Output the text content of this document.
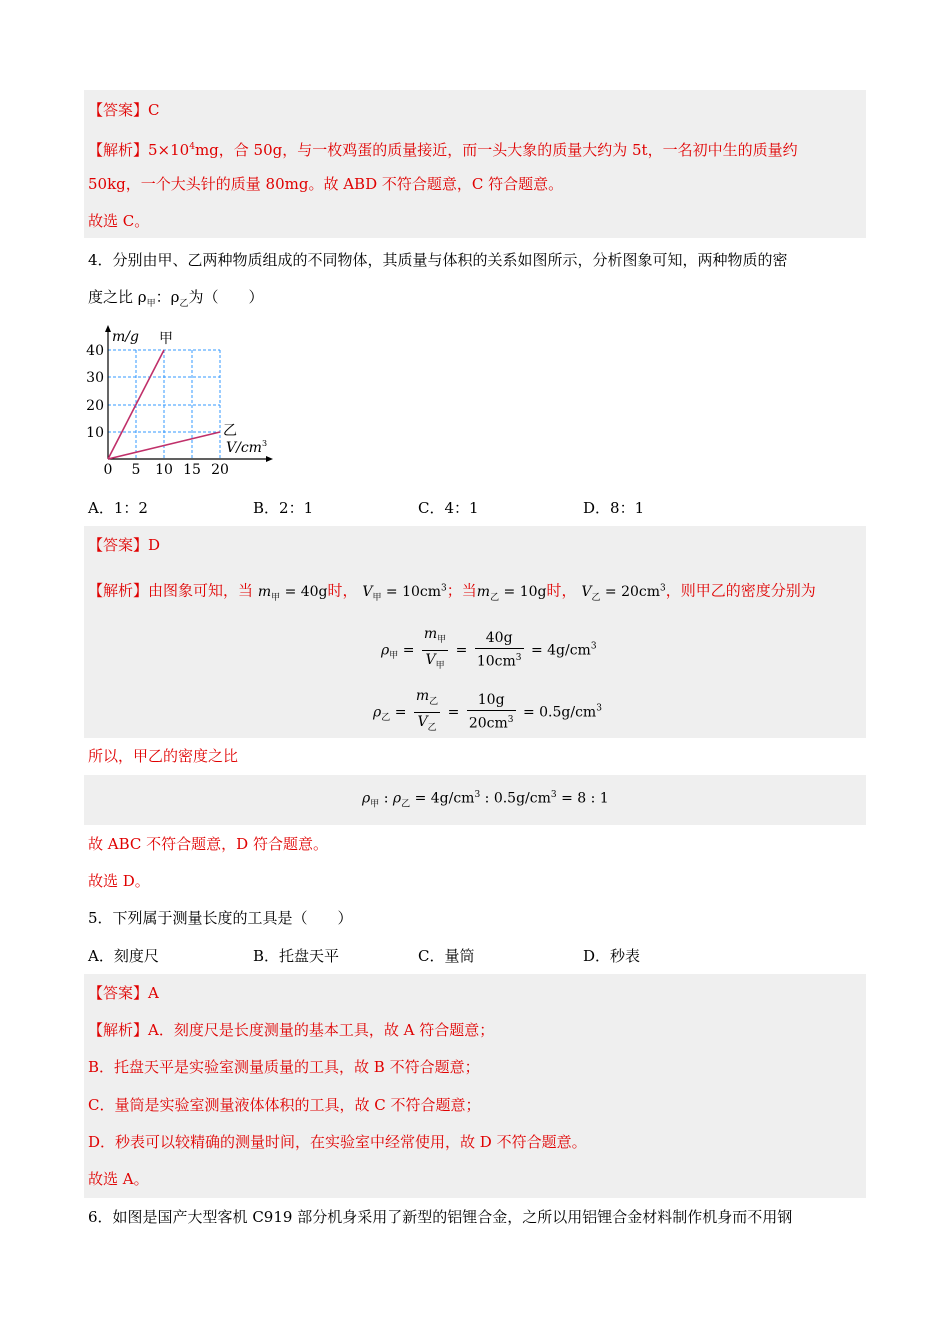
【答案】C
【解析】$5\times 10^4mg$，合 50g，与一枚鸡蛋的质量接近，而一头大象的质量大约为 5t，一名初中生的质量约
50kg，一个大头针的质量 80mg。故 ABD 不符合题意，C 符合题意。
故选 C。
4．分别由甲、乙两种物质组成的不同物体，其质量与体积的关系如图所示，分析图象可知，两种物质的密
度之比 $\rho_甲$：$\rho_乙$为（　　）
m/g 甲
乙
$V/cm^3$
40
30
20
10
0 5 10 15 20
A．1：2	B．2：1	C．4：1	D．8：1
【答案】D
【解析】由图象可知，当 $m_甲 = 40g$时， $V_甲 = 10cm^3$；当$m_乙 = 10g$时， $V_乙 = 20cm^3$，则甲乙的密度分别为
$\rho_甲 = \frac{m_甲}{V_甲} = \frac{40g}{10cm^3} = 4g/cm^3$
$\rho_乙 = \frac{m_乙}{V_乙} = \frac{10g}{20cm^3} = 0.5g/cm^3$
所以，甲乙的密度之比
$\rho_甲$ : $\rho_乙 = 4g/cm^3$ : $0.5g/cm^3 = 8$ : 1
故 ABC 不符合题意，D 符合题意。
故选 D。
5．下列属于测量长度的工具是（　　）
A．刻度尺	B．托盘天平	C．量筒	D．秒表
【答案】A
【解析】A．刻度尺是长度测量的基本工具，故 A 符合题意；
B．托盘天平是实验室测量质量的工具，故 B 不符合题意；
C．量筒是实验室测量液体体积的工具，故 C 不符合题意；
D．秒表可以较精确的测量时间，在实验室中经常使用，故 D 不符合题意。
故选 A。
6．如图是国产大型客机 C919 部分机身采用了新型的铝锂合金，之所以用铝锂合金材料制作机身而不用钢
